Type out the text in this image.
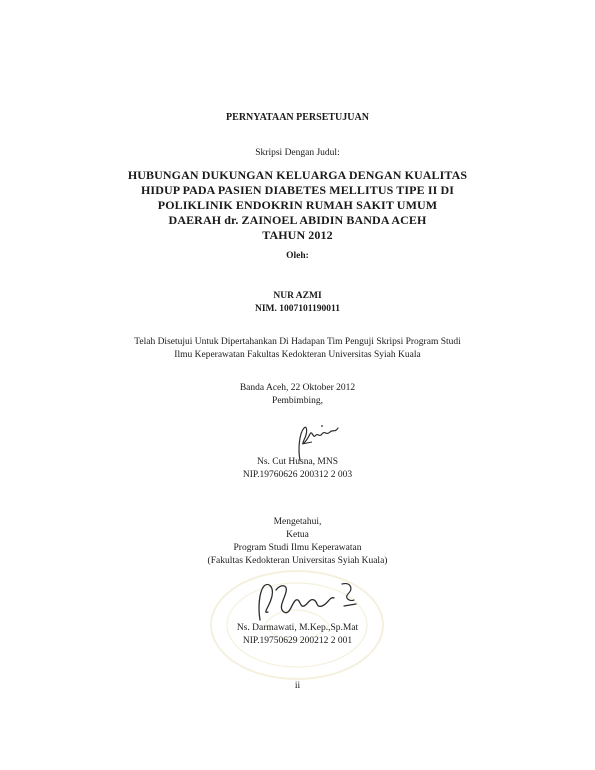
PERNYATAAN PERSETUJUAN
Skripsi Dengan Judul:
HUBUNGAN DUKUNGAN KELUARGA DENGAN KUALITAS
HIDUP PADA PASIEN DIABETES MELLITUS TIPE II DI
POLIKLINIK ENDOKRIN RUMAH SAKIT UMUM
DAERAH dr. ZAINOEL ABIDIN BANDA ACEH
TAHUN 2012
Oleh:
NUR AZMI
NIM. 1007101190011
Telah Disetujui Untuk Dipertahankan Di Hadapan Tim Penguji Skripsi Program Studi
Ilmu Keperawatan Fakultas Kedokteran Universitas Syiah Kuala
Banda Aceh, 22 Oktober 2012
Pembimbing,
Ns. Cut Husna, MNS
NIP.19760626 200312 2 003
Mengetahui,
Ketua
Program Studi Ilmu Keperawatan
(Fakultas Kedokteran Universitas Syiah Kuala)
Ns. Darmawati, M.Kep.,Sp.Mat
NIP.19750629 200212 2 001
ii
